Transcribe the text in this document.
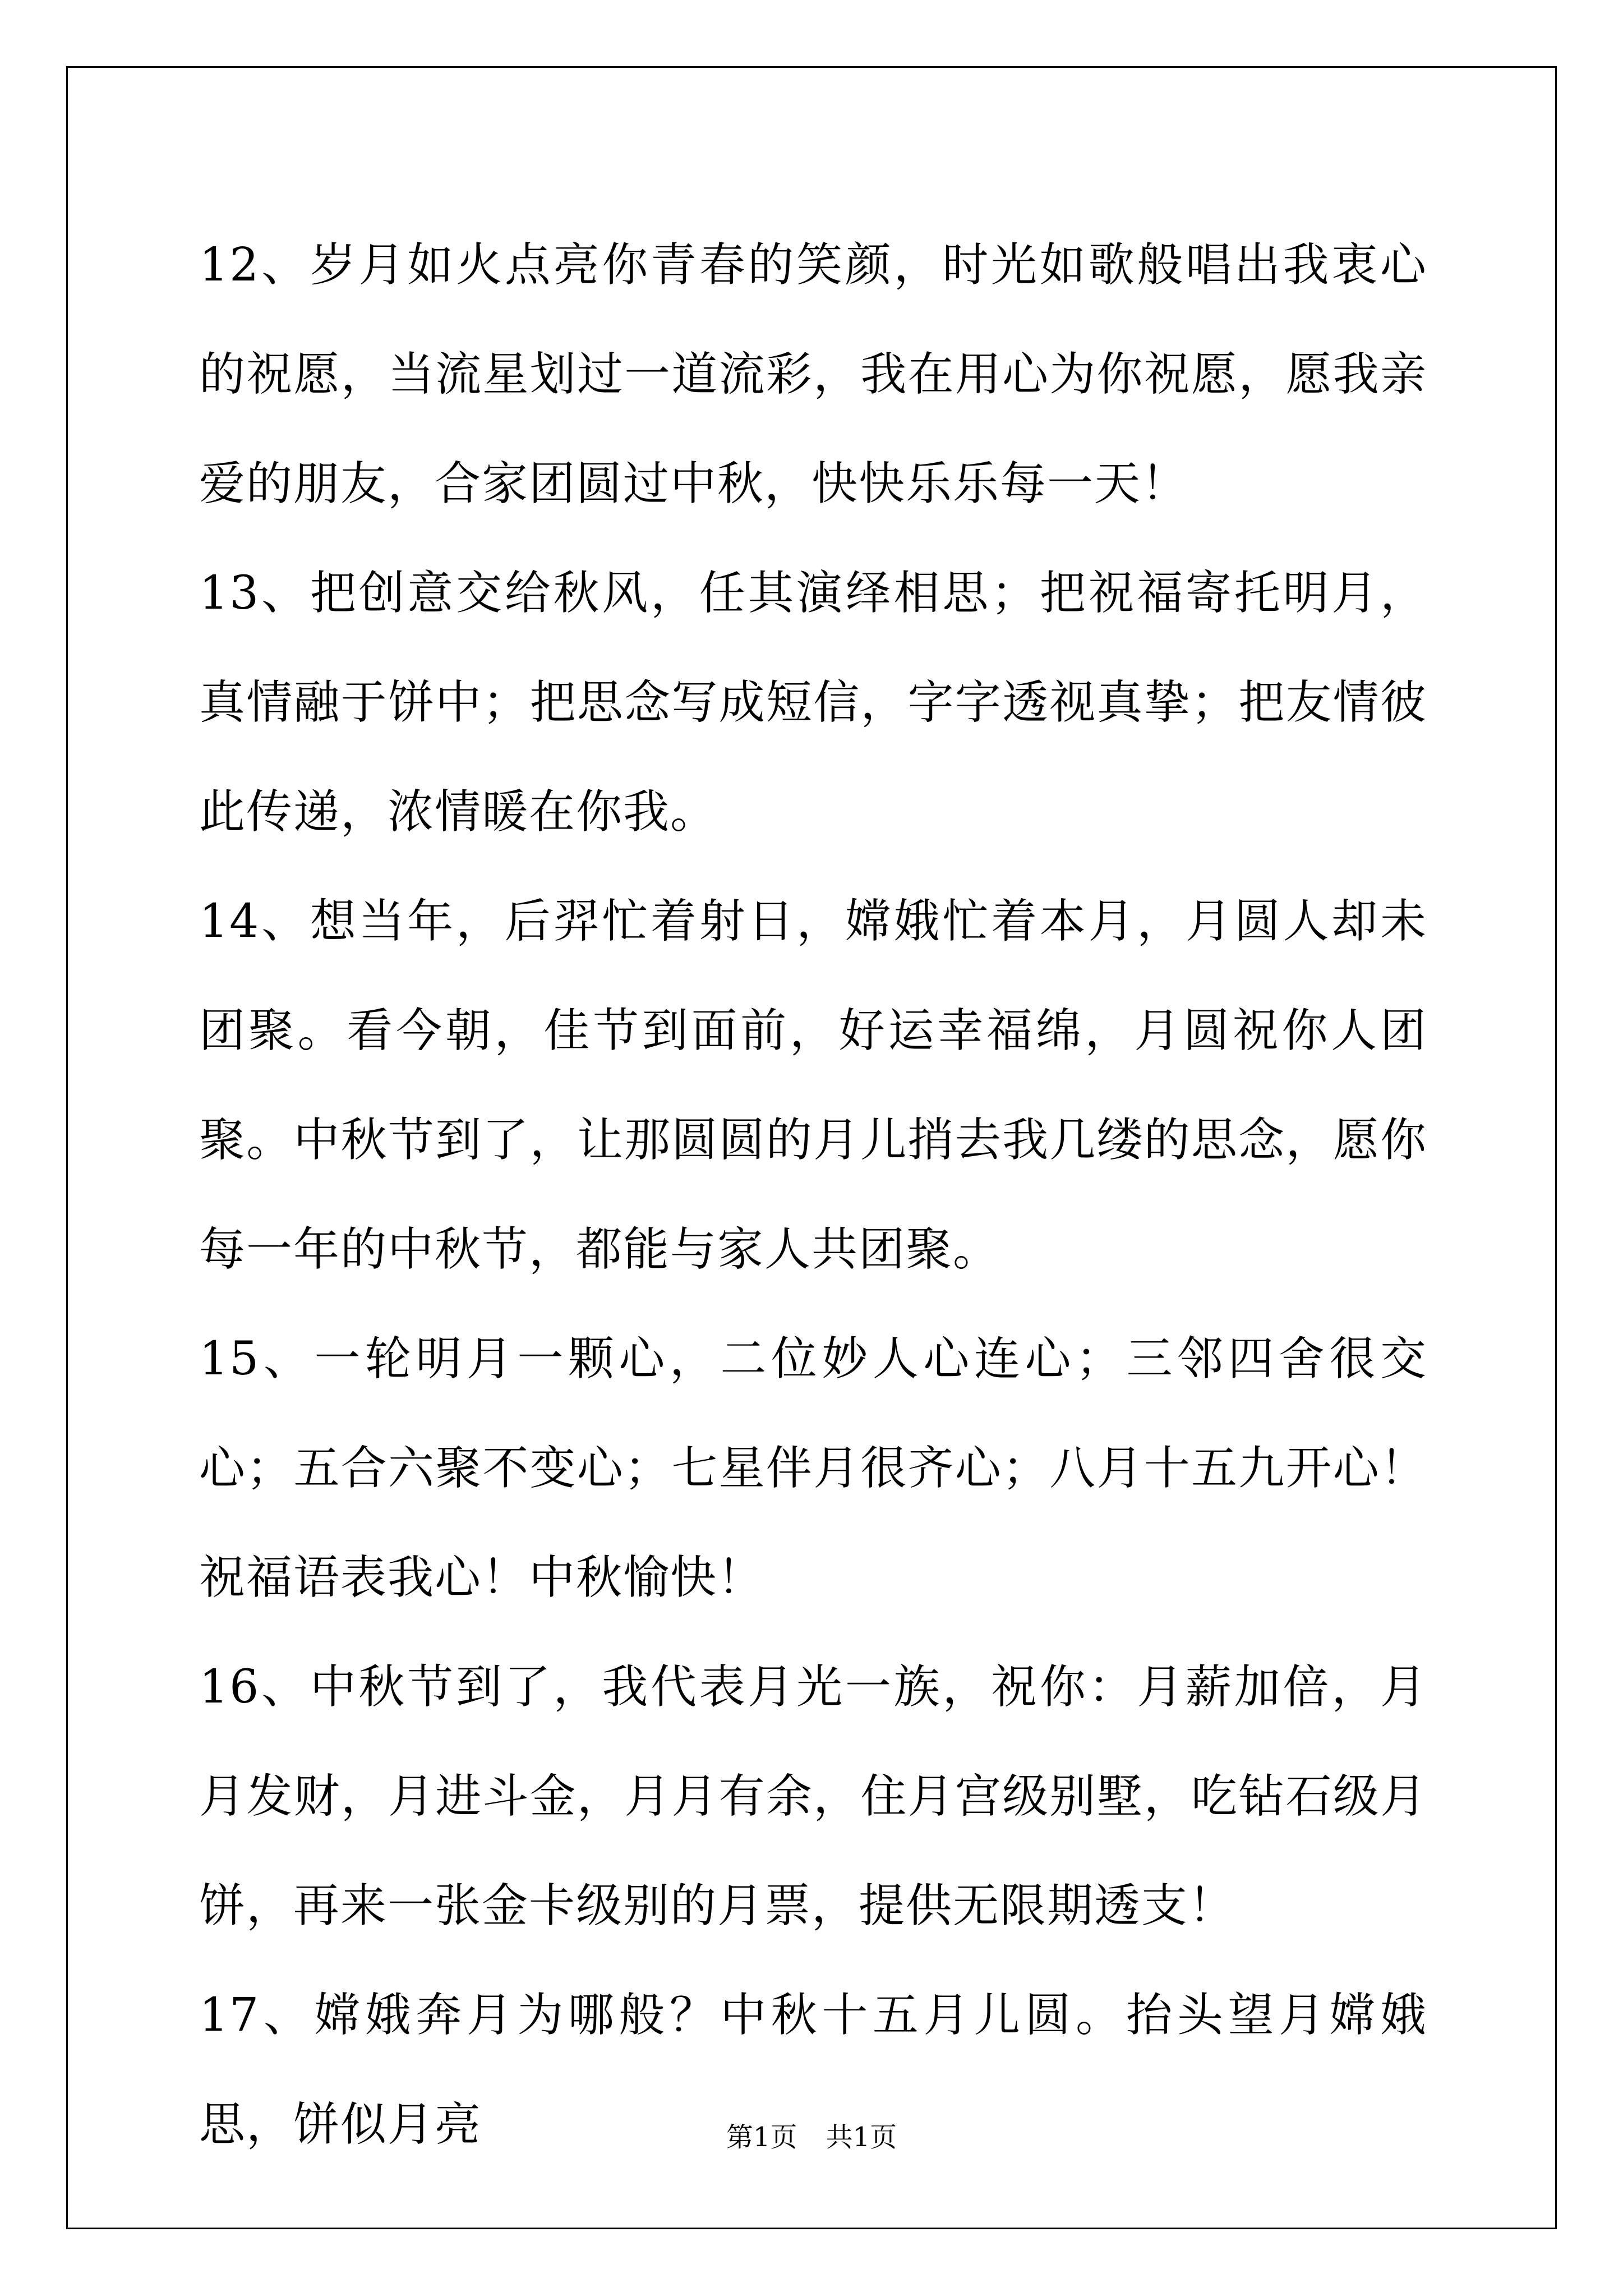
12、岁月如火点亮你青春的笑颜，时光如歌般唱出我衷心的祝愿，当流星划过一道流彩，我在用心为你祝愿，愿我亲爱的朋友，合家团圆过中秋，快快乐乐每一天！

13、把创意交给秋风，任其演绎相思；把祝福寄托明月，真情融于饼中；把思念写成短信，字字透视真挚；把友情彼此传递，浓情暖在你我。

14、想当年，后羿忙着射日，嫦娥忙着本月，月圆人却未团聚。看今朝，佳节到面前，好运幸福绵，月圆祝你人团聚。中秋节到了，让那圆圆的月儿捎去我几缕的思念，愿你每一年的中秋节，都能与家人共团聚。

15、一轮明月一颗心，二位妙人心连心；三邻四舍很交心；五合六聚不变心；七星伴月很齐心；八月十五九开心！祝福语表我心！中秋愉快！

16、中秋节到了，我代表月光一族，祝你：月薪加倍，月月发财，月进斗金，月月有余，住月宫级别墅，吃钻石级月饼，再来一张金卡级别的月票，提供无限期透支！

17、嫦娥奔月为哪般？中秋十五月儿圆。抬头望月嫦娥思，饼似月亮	第1页 共1页
